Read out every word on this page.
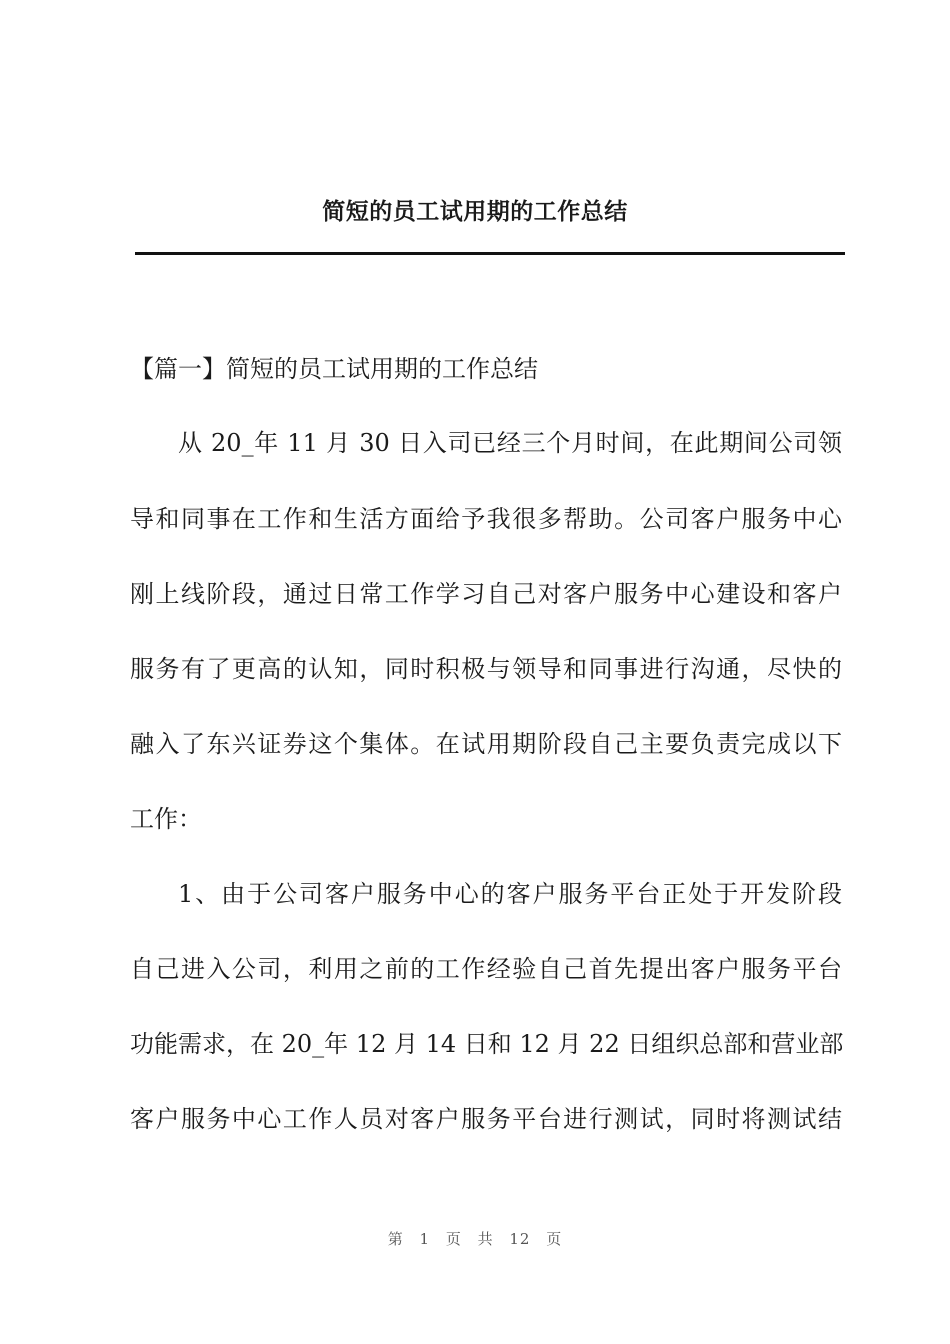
简短的员工试用期的工作总结

【篇一】简短的员工试用期的工作总结

从 20_年 11 月 30 日入司已经三个月时间，在此期间公司领

导和同事在工作和生活方面给予我很多帮助。公司客户服务中心

刚上线阶段，通过日常工作学习自己对客户服务中心建设和客户

服务有了更高的认知，同时积极与领导和同事进行沟通，尽快的

融入了东兴证券这个集体。在试用期阶段自己主要负责完成以下

工作：

1、由于公司客户服务中心的客户服务平台正处于开发阶段

自己进入公司，利用之前的工作经验自己首先提出客户服务平台

功能需求，在 20_年 12 月 14 日和 12 月 22 日组织总部和营业部

客户服务中心工作人员对客户服务平台进行测试，同时将测试结

第 1 页 共 12 页
